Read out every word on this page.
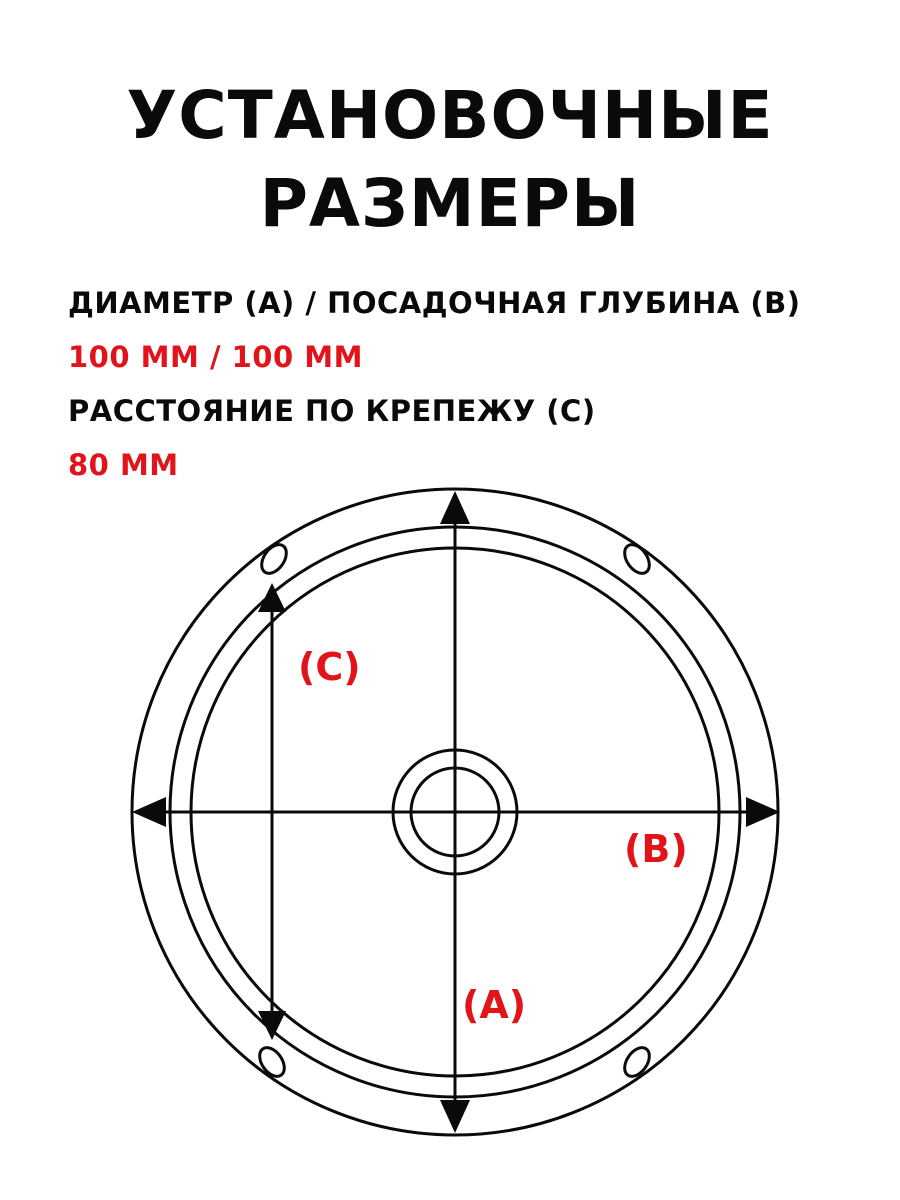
УСТАНОВОЧНЫЕ
РАЗМЕРЫ
ДИАМЕТР (А) / ПОСАДОЧНАЯ ГЛУБИНА (В)
100 ММ / 100 ММ
РАССТОЯНИЕ ПО КРЕПЕЖУ (С)
80 ММ
(C)
(B)
(A)
